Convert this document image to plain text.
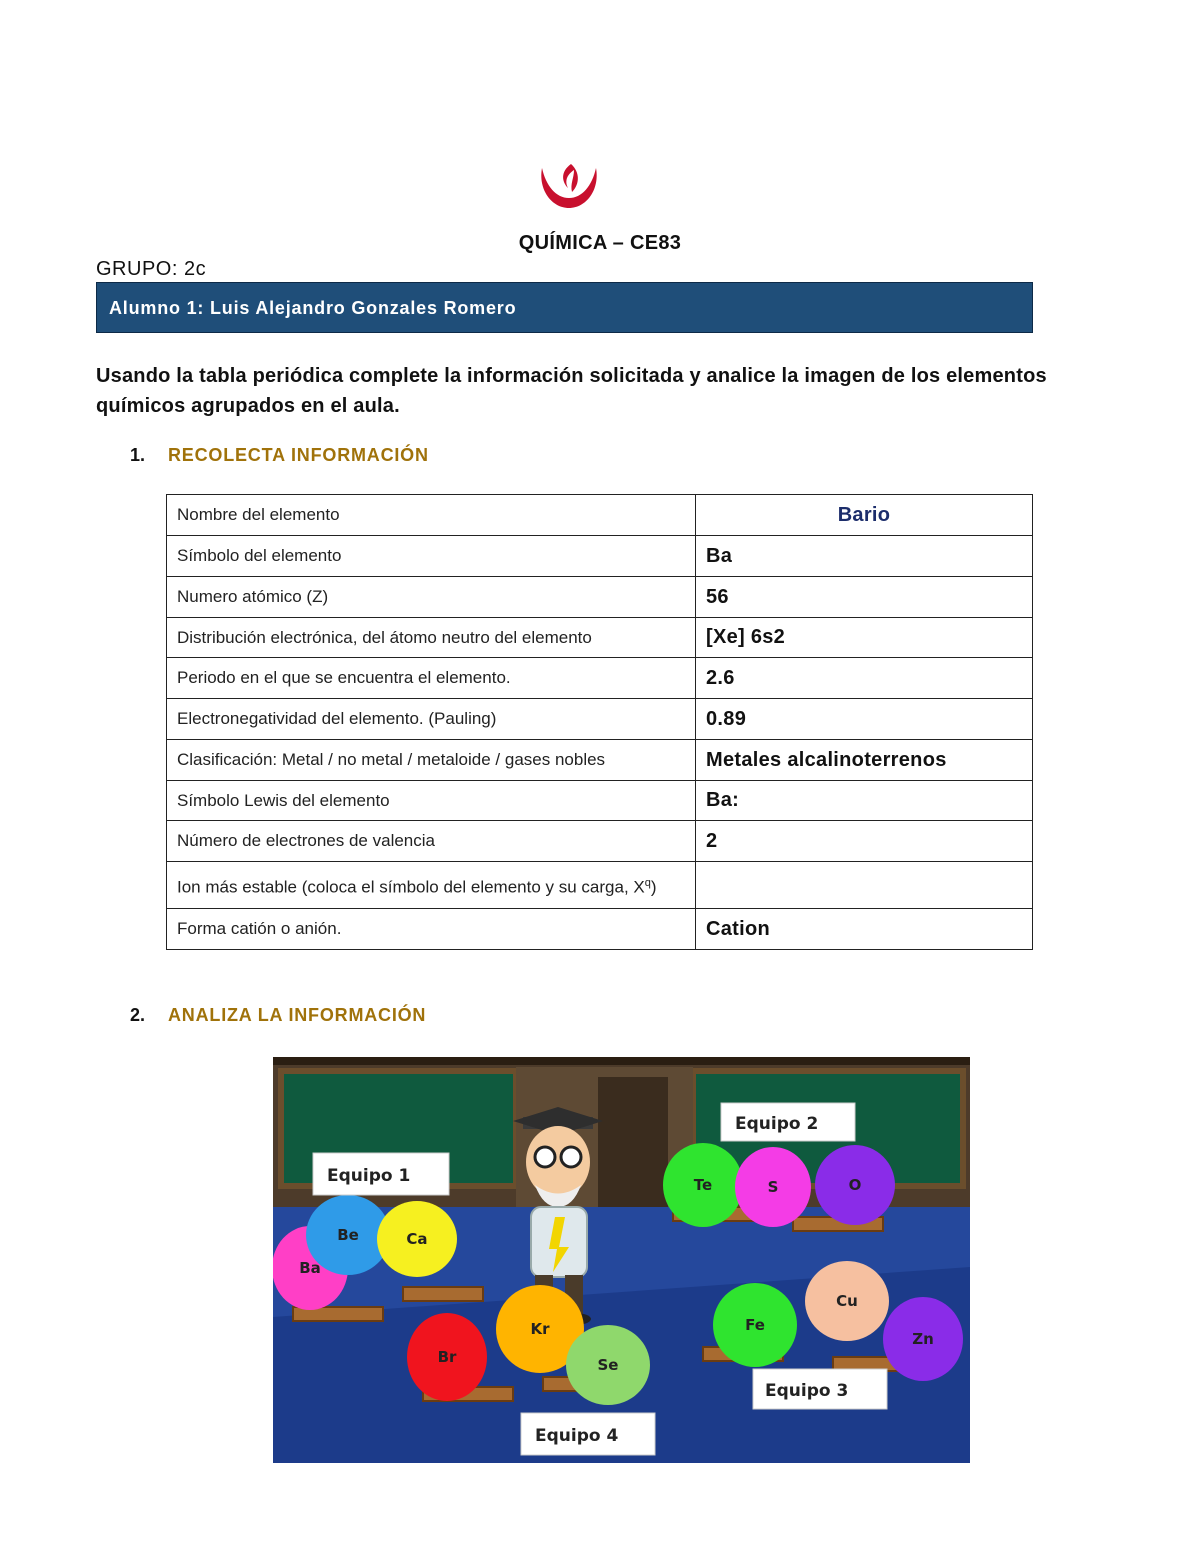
QUÍMICA – CE83
GRUPO: 2c
Alumno 1: Luis Alejandro Gonzales Romero
Usando la tabla periódica complete la información solicitada y analice la imagen de los elementos químicos agrupados en el aula.
1. RECOLECTA INFORMACIÓN
Nombre del elemento	Bario
Símbolo del elemento	Ba
Numero atómico (Z)	56
Distribución electrónica, del átomo neutro del elemento	[Xe] 6s2
Periodo en el que se encuentra el elemento.	2.6
Electronegatividad del elemento. (Pauling)	0.89
Clasificación: Metal / no metal / metaloide / gases nobles	Metales alcalinoterrenos
Símbolo Lewis del elemento	Ba:
Número de electrones de valencia	2
Ion más estable (coloca el símbolo del elemento y su carga, $X^q$)	
Forma catión o anión.	Cation
2. ANALIZA LA INFORMACIÓN
Ba
Be	Ca
Te	S	O
Br
Kr
Se
Fe
Cu
Zn
Equipo 1
Equipo 2
Equipo 3
Equipo 4
